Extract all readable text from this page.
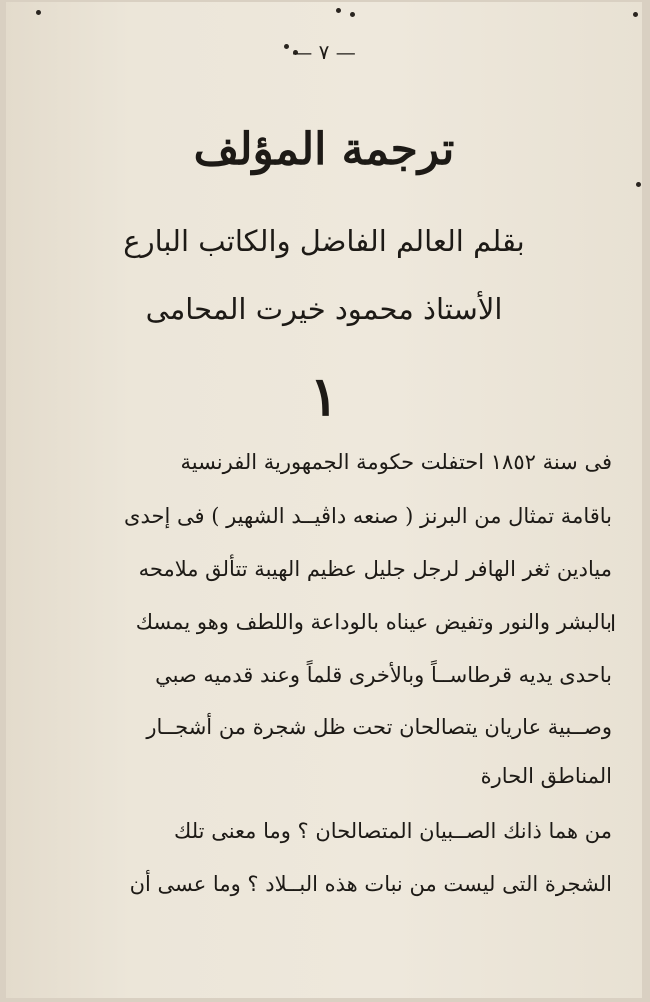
— ٧ —
ترجمة المؤلف
بقلم العالم الفاضل والكاتب البارع
الأستاذ محمود خيرت المحامى
١
فى سنة ١٨٥٢ احتفلت حكومة الجمهورية الفرنسية
باقامة تمثال من البرنز ( صنعه داڤيــد الشهير ) فى إحدى
ميادين ثغر الهافر لرجل جليل عظيم الهيبة تتألق ملامحه
بالبشر والنور وتفيض عيناه بالوداعة واللطف وهو يمسك
باحدى يديه قرطاســاً وبالأخرى قلماً وعند قدميه صبي
وصــبية عاريان يتصالحان تحت ظل شجرة من أشجــار
المناطق الحارة
من هما ذانك الصــبيان المتصالحان ؟ وما معنى تلك
الشجرة التى ليست من نبات هذه البــلاد ؟ وما عسى أن
ا
